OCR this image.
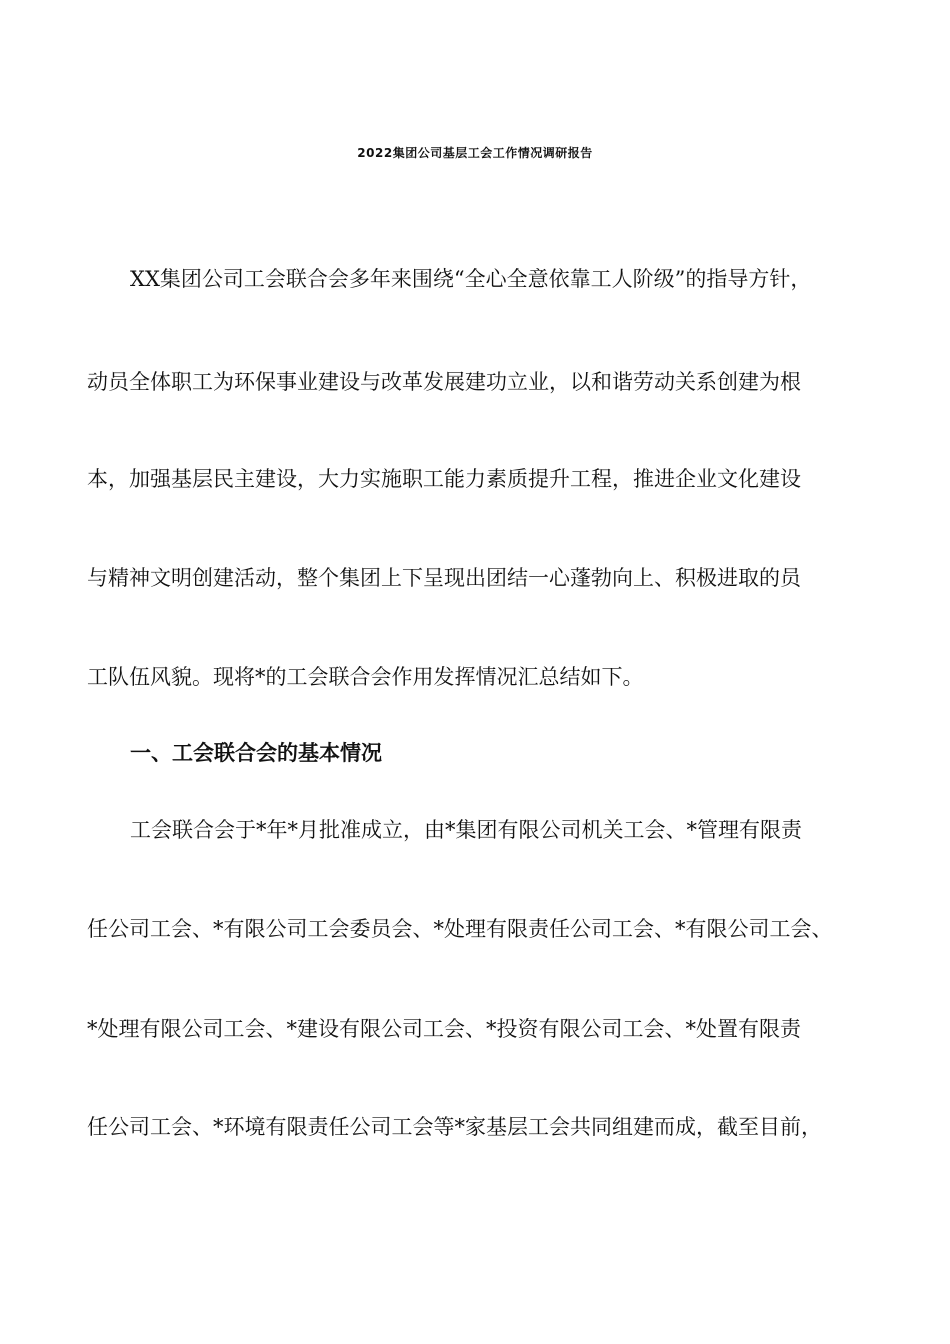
2022集团公司基层工会工作情况调研报告
XX集团公司工会联合会多年来围绕“全心全意依靠工人阶级”的指导方针，
动员全体职工为环保事业建设与改革发展建功立业，以和谐劳动关系创建为根
本，加强基层民主建设，大力实施职工能力素质提升工程，推进企业文化建设
与精神文明创建活动，整个集团上下呈现出团结一心蓬勃向上、积极进取的员
工队伍风貌。现将*的工会联合会作用发挥情况汇总结如下。
一、工会联合会的基本情况
工会联合会于*年*月批准成立，由*集团有限公司机关工会、*管理有限责
任公司工会、*有限公司工会委员会、*处理有限责任公司工会、*有限公司工会、
*处理有限公司工会、*建设有限公司工会、*投资有限公司工会、*处置有限责
任公司工会、*环境有限责任公司工会等*家基层工会共同组建而成，截至目前，
